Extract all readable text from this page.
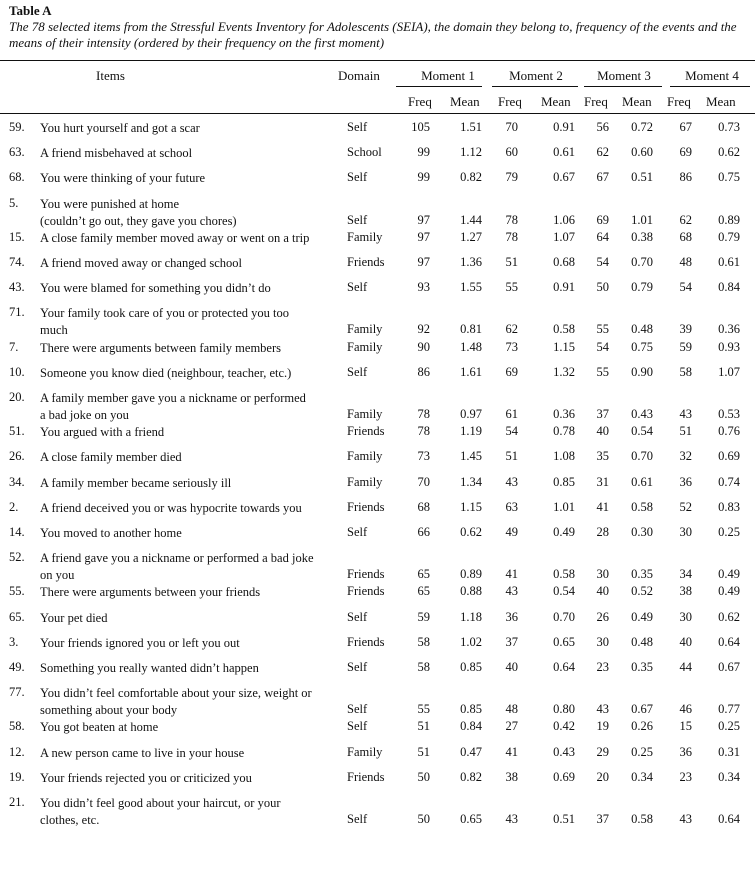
Table A
The 78 selected items from the Stressful Events Inventory for Adolescents (SEIA), the domain they belong to, frequency of the events and the means of their intensity (ordered by their frequency on the first moment)
Items	Domain	Moment 1	Moment 2	Moment 3	Moment 4
Freq Mean Freq Mean Freq Mean Freq Mean
59. You hurt yourself and got a scar	Self	105	1.51	70	0.91	56	0.72	67	0.73
63. A friend misbehaved at school	School	99	1.12	60	0.61	62	0.60	69	0.62
68. You were thinking of your future	Self	99	0.82	79	0.67	67	0.51	86	0.75
5. You were punished at home
(couldn’t go out, they gave you chores)	Self	97	1.44	78	1.06	69	1.01	62	0.89
15. A close family member moved away or went on a trip	Family	97	1.27	78	1.07	64	0.38	68	0.79
74. A friend moved away or changed school	Friends	97	1.36	51	0.68	54	0.70	48	0.61
43. You were blamed for something you didn’t do	Self	93	1.55	55	0.91	50	0.79	54	0.84
71. Your family took care of you or protected you too
much	Family	92	0.81	62	0.58	55	0.48	39	0.36
7. There were arguments between family members	Family	90	1.48	73	1.15	54	0.75	59	0.93
10. Someone you know died (neighbour, teacher, etc.)	Self	86	1.61	69	1.32	55	0.90	58	1.07
20. A family member gave you a nickname or performed
a bad joke on you	Family	78	0.97	61	0.36	37	0.43	43	0.53
51. You argued with a friend	Friends	78	1.19	54	0.78	40	0.54	51	0.76
26. A close family member died	Family	73	1.45	51	1.08	35	0.70	32	0.69
34. A family member became seriously ill	Family	70	1.34	43	0.85	31	0.61	36	0.74
2. A friend deceived you or was hypocrite towards you	Friends	68	1.15	63	1.01	41	0.58	52	0.83
14. You moved to another home	Self	66	0.62	49	0.49	28	0.30	30	0.25
52. A friend gave you a nickname or performed a bad joke
on you	Friends	65	0.89	41	0.58	30	0.35	34	0.49
55. There were arguments between your friends	Friends	65	0.88	43	0.54	40	0.52	38	0.49
65. Your pet died	Self	59	1.18	36	0.70	26	0.49	30	0.62
3. Your friends ignored you or left you out	Friends	58	1.02	37	0.65	30	0.48	40	0.64
49. Something you really wanted didn’t happen	Self	58	0.85	40	0.64	23	0.35	44	0.67
77. You didn’t feel comfortable about your size, weight or
something about your body	Self	55	0.85	48	0.80	43	0.67	46	0.77
58. You got beaten at home	Self	51	0.84	27	0.42	19	0.26	15	0.25
12. A new person came to live in your house	Family	51	0.47	41	0.43	29	0.25	36	0.31
19. Your friends rejected you or criticized you	Friends	50	0.82	38	0.69	20	0.34	23	0.34
21. You didn’t feel good about your haircut, or your
clothes, etc.	Self	50	0.65	43	0.51	37	0.58	43	0.64
